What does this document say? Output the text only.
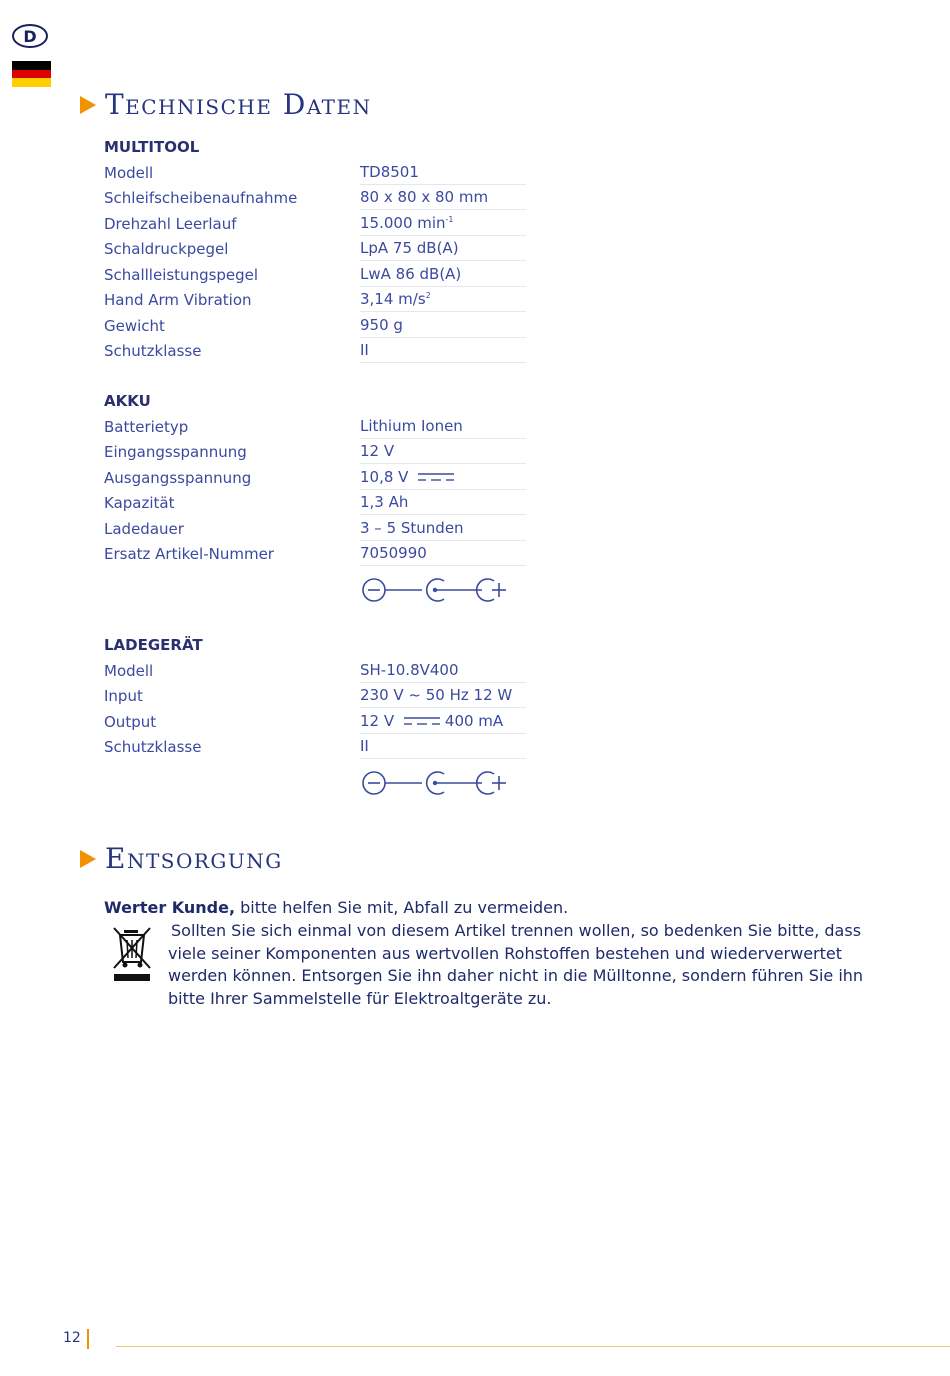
D
Technische Daten
MULTITOOL
Modell	TD8501
Schleifscheibenaufnahme	80 x 80 x 80 mm
Drehzahl Leerlauf	15.000 $\min^{-1}$
Schaldruckpegel	LpA 75 dB(A)
Schallleistungspegel	LwA 86 dB(A)
Hand Arm Vibration	3,14 $m/s^2$
Gewicht	950 g
Schutzklasse	II
AKKU
Batterietyp	Lithium Ionen
Eingangsspannung	12 V
Ausgangsspannung	10,8 V
Kapazität	1,3 Ah
Ladedauer	3 – 5 Stunden
Ersatz Artikel-Nummer	7050990
LADEGERÄT
Modell	SH-10.8V400
Input	230 V ~ 50 Hz 12 W
Output	12 V	400 mA
Schutzklasse	II
Entsorgung
Werter Kunde, bitte helfen Sie mit, Abfall zu vermeiden.
Sollten Sie sich einmal von diesem Artikel trennen wollen, so bedenken Sie bitte, dass viele seiner Komponenten aus wertvollen Rohstoffen bestehen und wiederverwertet werden können. Entsorgen Sie ihn daher nicht in die Mülltonne, sondern führen Sie ihn bitte Ihrer Sammelstelle für Elektroaltgeräte zu.
12
